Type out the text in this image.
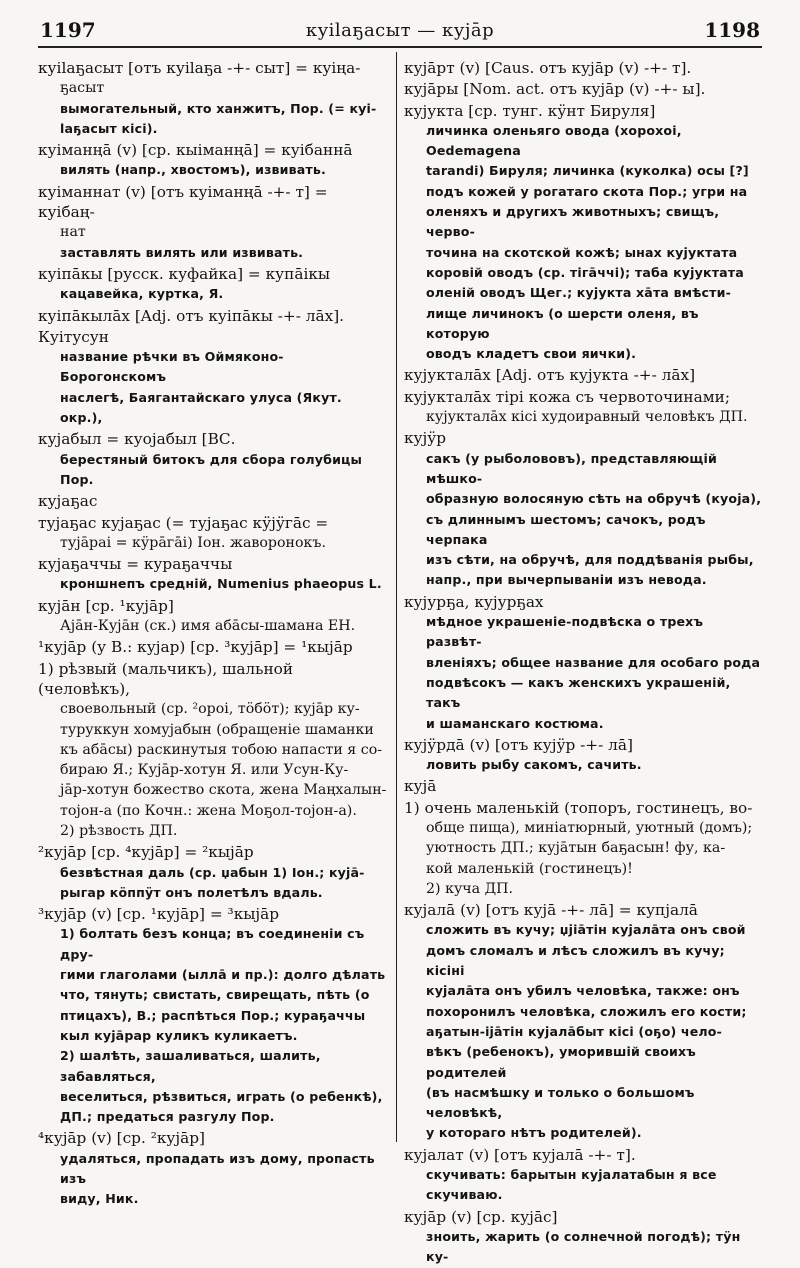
1197	куіlаҕасыт — кујāр	1198
куіlаҕасыт [отъ куіlаҕа -+- сыт] = куіңа-
ҕасыт
вымогательный, кто ханжитъ, Пор. (= куі-
lаҕасыт кісі).
куіманңā (v) [ср. кыіманңā] = куібаннā
вилять (напр., хвостомъ), извивать.
куіманнат (v) [отъ куіманңā -+- т] = куібаң-
нат
заставлять вилять или извивать.
куіпāкы [русск. куфайка] = купāікы
кацавейка, куртка, Я.
куіпāкылāх [Adj. отъ куіпāкы -+- лāх].
Куітусун
название рѣчки въ Оймяконо-Борогонскомъ
наслегѣ, Баягантайскаго улуса (Якут. окр.),
кујабыл = куојабыл [ВС.
берестяный битокъ для сбора голубицы Пор.
кујаҕас
тујаҕас кујаҕас (= тујаҕас кӱјӱгāс =
тујāраі = кӱрāгāі) Іон. жаворонокъ.
кујаҕаччы = кураҕаччы
кроншнепъ средній, Numenius phaeopus L.
кујāн [ср. ¹кујāр]
Ајāн-Кујāн (ск.) имя абāсы-шамана ЕН.
¹кујāр (у В.: кујар) [ср. ³кујāр] = ¹кыјāр
1) рѣзвый (мальчикъ), шальной (человѣкъ),
своевольный (ср. ²ороі, тӧбӧт); кујāр ку-
туруккун хомујабын (обращеніе шаманки
къ абāсы) раскинутыя тобою напасти я со-
бираю Я.; Кујāр-хотун Я. или Усун-Ку-
јāр-хотун божество скота, жена Маңхалын-
тојон-а (по Кочн.: жена Моҕол-тојон-а).
2) рѣзвость ДП.
²кујāр [ср. ⁴кујāр] = ²кыјāр
безвѣстная даль (ср. џабын 1) Іон.; кујā-
рыгар кӧппӱт онъ полетѣлъ вдаль.
³кујāр (v) [ср. ¹кујāр] = ³кыјāр
1) болтать безъ конца; въ соединеніи съ дру-
гими глаголами (ыллā и пр.): долго дѣлать
что, тянуть; свистать, свирещать, пѣть (о
птицахъ), В.; распѣться Пор.; кураҕаччы
кыл кујāрар куликъ куликаетъ.
2) шалѣть, зашаливаться, шалить, забавляться,
веселиться, рѣзвиться, играть (о ребенкѣ),
ДП.; предаться разгулу Пор.
⁴кујāр (v) [ср. ²кујāр]
удаляться, пропадать изъ дому, пропасть изъ
виду, Ник.
кујāрт (v) [Caus. отъ кујāр (v) -+- т].
кујāры [Nom. act. отъ кујāр (v) -+- ы].
кујукта [ср. тунг. кӱнт Бируля]
личинка оленьяго овода (хорохоі, Oedemagena
tarandi) Бируля; личинка (куколка) осы [?]
подъ кожей у рогатаго скота Пор.; угри на
оленяхъ и другихъ животныхъ; свищъ, черво-
точина на скотской кожѣ; ынах кујуктата
коровій оводъ (ср. тігāччі); таба кујуктата
оленій оводъ Щег.; кујукта хāта вмѣсти-
лище личинокъ (о шерсти оленя, въ которую
оводъ кладетъ свои яички).
кујукталāх [Adj. отъ кујукта -+- лāх]
кујукталāх тірі кожа съ червоточинами;
кујукталāх кісі худоиравный человѣкъ ДП.
кујӱр
сакъ (у рыболововъ), представляющій мѣшко-
образную волосяную сѣть на обручѣ (куоја),
съ длиннымъ шестомъ; сачокъ, родъ черпака
изъ сѣти, на обручѣ, для поддѣванія рыбы,
напр., при вычерпываніи изъ невода.
кујурҕа, кујурҕах
мѣдное украшеніе-подвѣска о трехъ развѣт-
вленіяхъ; общее название для особаго рода
подвѣсокъ — какъ женскихъ украшеній, такъ
и шаманскаго костюма.
кујӱрдā (v) [отъ кујӱр -+- лā]
ловить рыбу сакомъ, сачить.
кујā
1) очень маленькій (топоръ, гостинецъ, во-
обще пища), миніатюрный, уютный (домъ);
уютность ДП.; кујāтын баҕасын! фу, ка-
кой маленькій (гостинецъ)!
2) куча ДП.
кујалā (v) [отъ кујā -+- лā] = купјалā
сложить въ кучу; џјіāтін кујалāта онъ свой
домъ сломалъ и лѣсъ сложилъ въ кучу; кісіні
кујалāта онъ убилъ человѣка, также: онъ
похоронилъ человѣка, сложилъ его кости;
аҕатын-іјāтін кујалāбыт кісі (оҕо) чело-
вѣкъ (ребенокъ), уморившій своихъ родителей
(въ насмѣшку и только о большомъ человѣкѣ,
у котораго нѣтъ родителей).
кујалат (v) [отъ кујалā -+- т].
скучивать: барытын кујалатабын я все
скучиваю.
кујāр (v) [ср. кујāс]
зноить, жарить (о солнечной погодѣ); тӱн ку-
